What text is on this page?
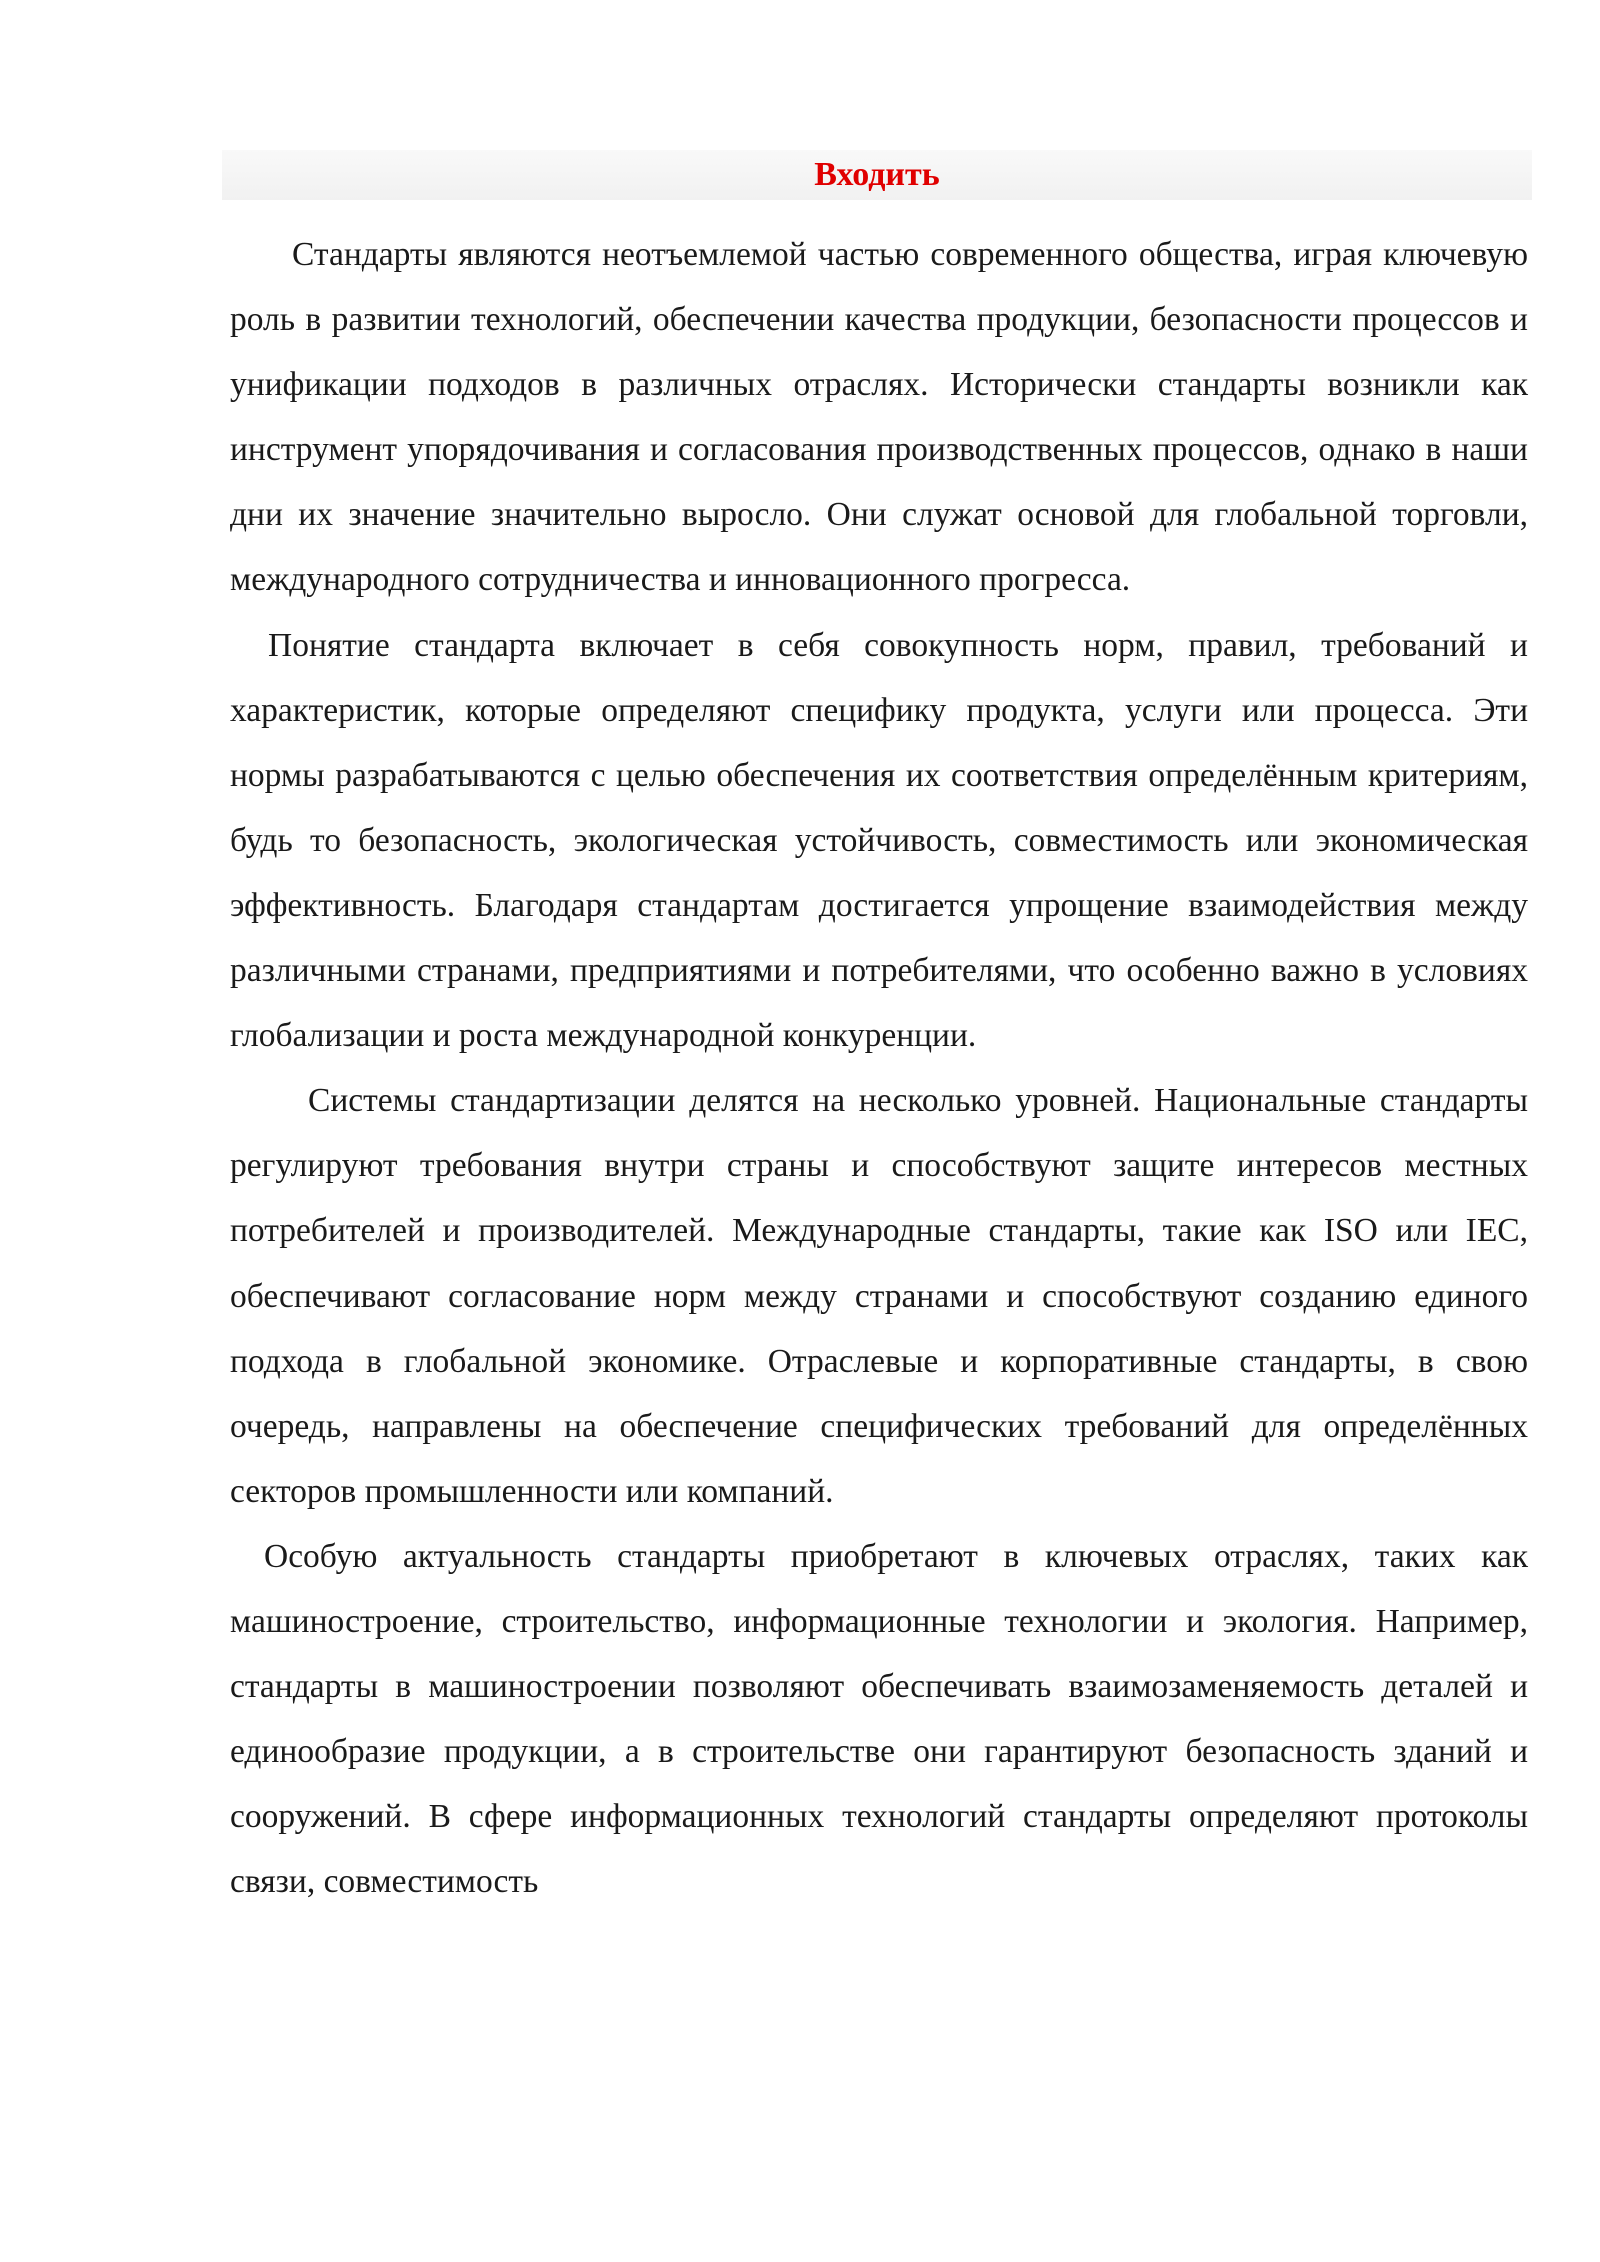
Входить

Стандарты являются неотъемлемой частью современного общества, играя ключевую роль в развитии технологий, обеспечении качества продукции, безопасности процессов и унификации подходов в различных отраслях. Исторически стандарты возникли как инструмент упорядочивания и согласования производственных процессов, однако в наши дни их значение значительно выросло. Они служат основой для глобальной торговли, международного сотрудничества и инновационного прогресса.

Понятие стандарта включает в себя совокупность норм, правил, требований и характеристик, которые определяют специфику продукта, услуги или процесса. Эти нормы разрабатываются с целью обеспечения их соответствия определённым критериям, будь то безопасность, экологическая устойчивость, совместимость или экономическая эффективность. Благодаря стандартам достигается упрощение взаимодействия между различными странами, предприятиями и потребителями, что особенно важно в условиях глобализации и роста международной конкуренции.

Системы стандартизации делятся на несколько уровней. Национальные стандарты регулируют требования внутри страны и способствуют защите интересов местных потребителей и производителей. Международные стандарты, такие как ISO или IEC, обеспечивают согласование норм между странами и способствуют созданию единого подхода в глобальной экономике. Отраслевые и корпоративные стандарты, в свою очередь, направлены на обеспечение специфических требований для определённых секторов промышленности или компаний.

Особую актуальность стандарты приобретают в ключевых отраслях, таких как машиностроение, строительство, информационные технологии и экология. Например, стандарты в машиностроении позволяют обеспечивать взаимозаменяемость деталей и единообразие продукции, а в строительстве они гарантируют безопасность зданий и сооружений. В сфере информационных технологий стандарты определяют протоколы связи, совместимость
